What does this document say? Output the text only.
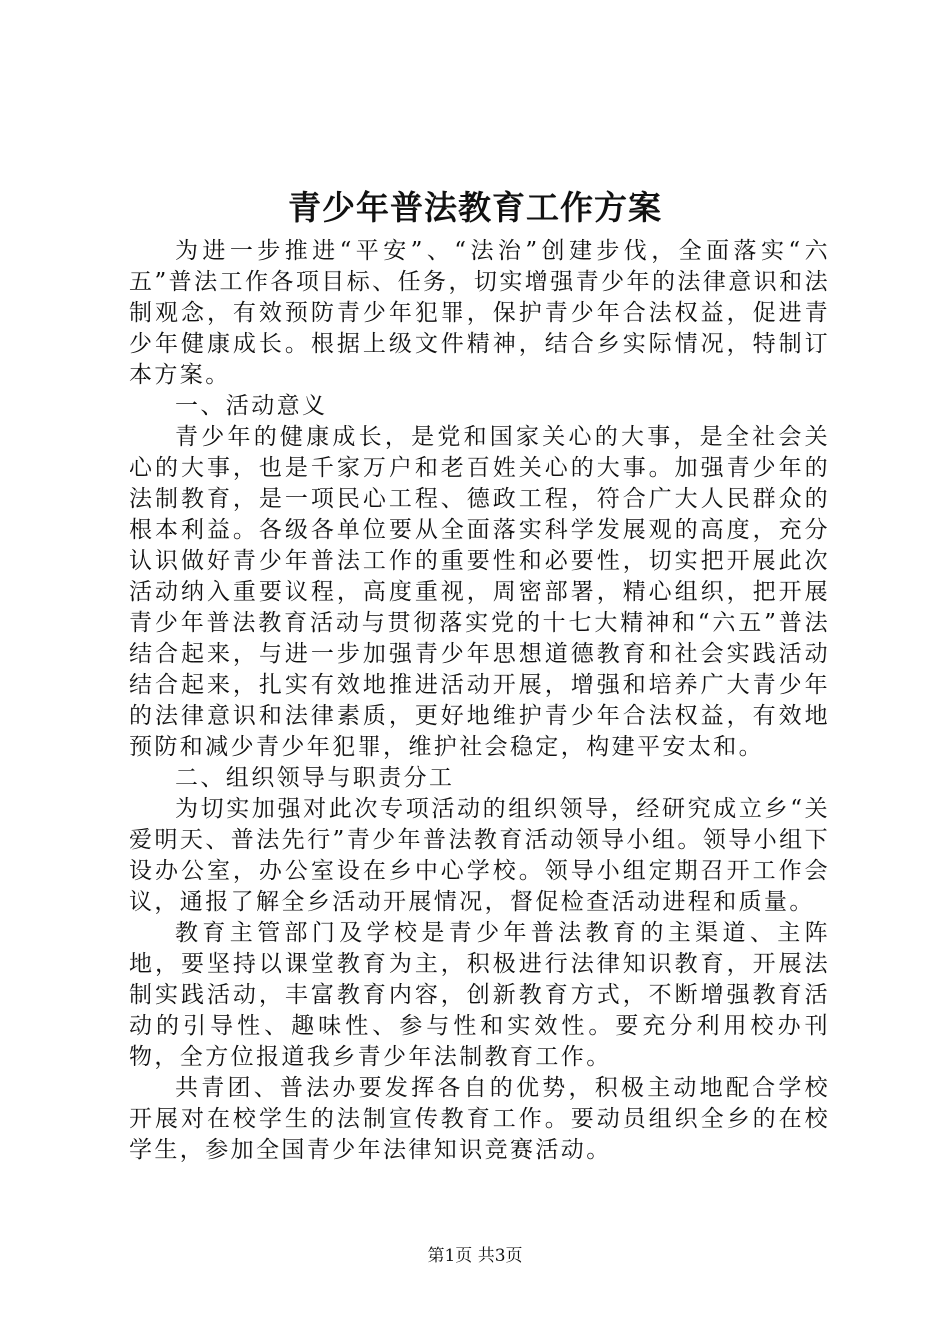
青少年普法教育工作方案

为进一步推进“平安”、“法治”创建步伐，全面落实“六五”普法工作各项目标、任务，切实增强青少年的法律意识和法制观念，有效预防青少年犯罪，保护青少年合法权益，促进青少年健康成长。根据上级文件精神，结合乡实际情况，特制订本方案。

一、活动意义

青少年的健康成长，是党和国家关心的大事，是全社会关心的大事，也是千家万户和老百姓关心的大事。加强青少年的法制教育，是一项民心工程、德政工程，符合广大人民群众的根本利益。各级各单位要从全面落实科学发展观的高度，充分认识做好青少年普法工作的重要性和必要性，切实把开展此次活动纳入重要议程，高度重视，周密部署，精心组织，把开展青少年普法教育活动与贯彻落实党的十七大精神和“六五”普法结合起来，与进一步加强青少年思想道德教育和社会实践活动结合起来，扎实有效地推进活动开展，增强和培养广大青少年的法律意识和法律素质，更好地维护青少年合法权益，有效地预防和减少青少年犯罪，维护社会稳定，构建平安太和。

二、组织领导与职责分工

为切实加强对此次专项活动的组织领导，经研究成立乡“关爱明天、普法先行”青少年普法教育活动领导小组。领导小组下设办公室，办公室设在乡中心学校。领导小组定期召开工作会议，通报了解全乡活动开展情况，督促检查活动进程和质量。

教育主管部门及学校是青少年普法教育的主渠道、主阵地，要坚持以课堂教育为主，积极进行法律知识教育，开展法制实践活动，丰富教育内容，创新教育方式，不断增强教育活动的引导性、趣味性、参与性和实效性。要充分利用校办刊物，全方位报道我乡青少年法制教育工作。

共青团、普法办要发挥各自的优势，积极主动地配合学校开展对在校学生的法制宣传教育工作。要动员组织全乡的在校学生，参加全国青少年法律知识竞赛活动。

第1页 共3页
